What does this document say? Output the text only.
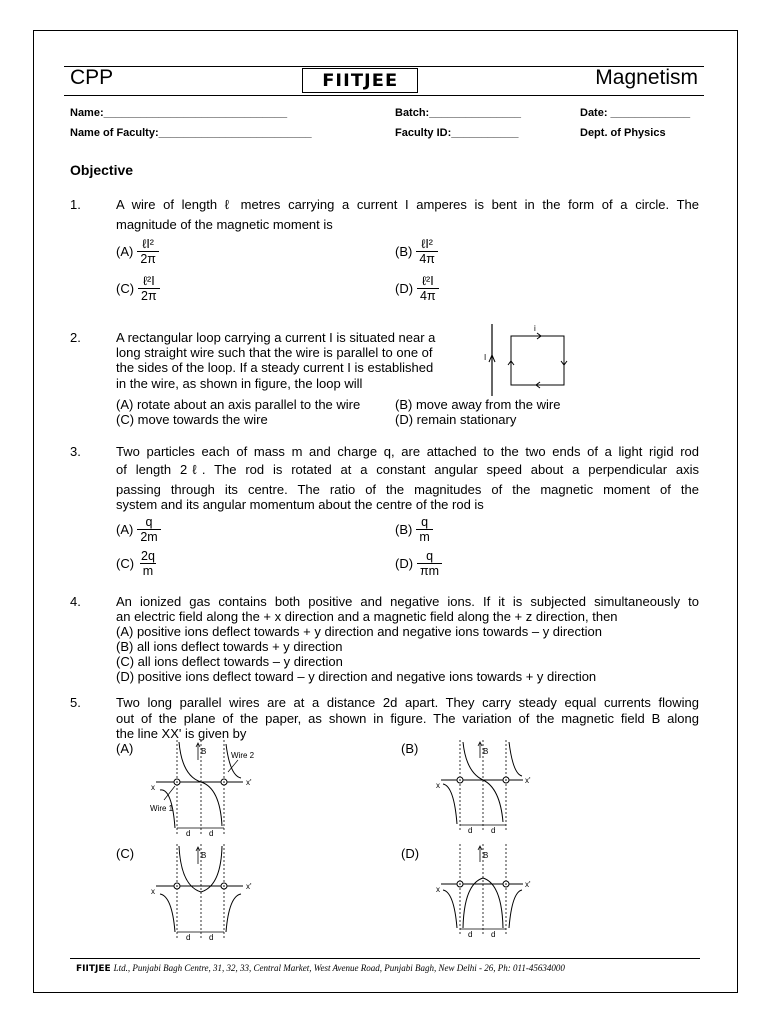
CPP	FIITJEE	Magnetism
Name:______________________________	Batch:_______________	Date: _____________
Name of Faculty:_________________________	Faculty ID:___________	Dept. of Physics
Objective
1.	A wire of length ℓ metres carrying a current I amperes is bent in the form of a circle. The
magnitude of the magnetic moment is
$(A) \frac{\text{ℓI²}}{2\pi}$	$(B) \frac{\text{ℓI²}}{4\pi}$
$(C) \frac{\text{ℓ²I}}{2\pi}$	$(D) \frac{\text{ℓ²I}}{4\pi}$
2.	A rectangular loop carrying a current I is situated near a
long straight wire such that the wire is parallel to one of
the sides of the loop. If a steady current I is established
in the wire, as shown in figure, the loop will
I
i
(A) rotate about an axis parallel to the wire	(B) move away from the wire
(C) move towards the wire	(D) remain stationary
3.	Two particles each of mass m and charge q, are attached to the two ends of a light rigid rod
of length 2ℓ. The rod is rotated at a constant angular speed about a perpendicular axis
passing through its centre. The ratio of the magnitudes of the magnetic moment of the
system and its angular momentum about the centre of the rod is
$(A) \frac{q}{2m}$	$(B) \frac{q}{m}$
$(C) \frac{2q}{m}$	$(D) \frac{q}{\pi m}$
4.	An ionized gas contains both positive and negative ions. If it is subjected simultaneously to
an electric field along the + x direction and a magnetic field along the + z direction, then
(A) positive ions deflect towards + y direction and negative ions towards – y direction
(B) all ions deflect towards + y direction
(C) all ions deflect towards – y direction
(D) positive ions deflect toward – y direction and negative ions towards + y direction
5.	Two long parallel wires are at a distance 2d apart. They carry steady equal currents flowing
out of the plane of the paper, as shown in figure. The variation of the magnetic field B along
the line XX' is given by
(A)	(B)
(C)	(D)
B
x
x'
Wire 2
Wire 1
d d
B
x
x'
d d
B
x
x'
d d
B
x
x'
d d
FIITJEE Ltd., Punjabi Bagh Centre, 31, 32, 33, Central Market, West Avenue Road, Punjabi Bagh, New Delhi - 26, Ph: 011-45634000
